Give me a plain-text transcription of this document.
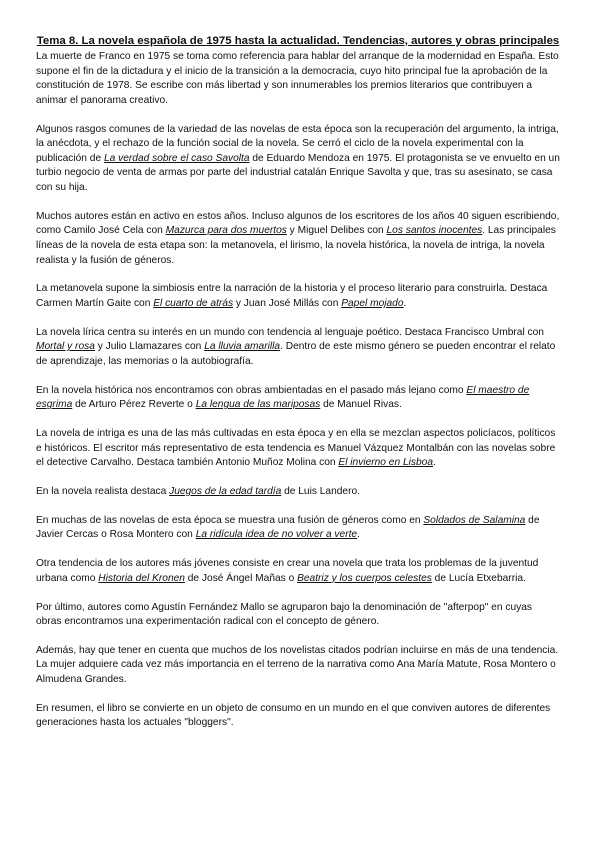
Tema 8. La novela española de 1975 hasta la actualidad. Tendencias, autores y obras principales

La muerte de Franco en 1975 se toma como referencia para hablar del arranque de la modernidad en España. Esto supone el fin de la dictadura y el inicio de la transición a la democracia, cuyo hito principal fue la aprobación de la constitución de 1978. Se escribe con más libertad y son innumerables los premios literarios que contribuyen a animar el panorama creativo.

Algunos rasgos comunes de la variedad de las novelas de esta época son la recuperación del argumento, la intriga, la anécdota, y el rechazo de la función social de la novela. Se cerró el ciclo de la novela experimental con la publicación de La verdad sobre el caso Savolta de Eduardo Mendoza en 1975. El protagonista se ve envuelto en un turbio negocio de venta de armas por parte del industrial catalán Enrique Savolta y que, tras su asesinato, se casa con su hija.

Muchos autores están en activo en estos años. Incluso algunos de los escritores de los años 40 siguen escribiendo, como Camilo José Cela con Mazurca para dos muertos y Miguel Delibes con Los santos inocentes. Las principales líneas de la novela de esta etapa son: la metanovela, el lirismo, la novela histórica, la novela de intriga, la novela realista y la fusión de géneros.

La metanovela supone la simbiosis entre la narración de la historia y el proceso literario para construirla. Destaca Carmen Martín Gaite con El cuarto de atrás y Juan José Millás con Papel mojado.

La novela lírica centra su interés en un mundo con tendencia al lenguaje poético. Destaca Francisco Umbral con Mortal y rosa y Julio Llamazares con La lluvia amarilla. Dentro de este mismo género se pueden encontrar el relato de aprendizaje, las memorias o la autobiografía.

En la novela histórica nos encontramos con obras ambientadas en el pasado más lejano como El maestro de esgrima de Arturo Pérez Reverte o La lengua de las mariposas de Manuel Rivas.

La novela de intriga es una de las más cultivadas en esta época y en ella se mezclan aspectos policíacos, políticos e históricos. El escritor más representativo de esta tendencia es Manuel Vázquez Montalbán con las novelas sobre el detective Carvalho. Destaca también Antonio Muñoz Molina con El invierno en Lisboa.

En la novela realista destaca Juegos de la edad tardía de Luis Landero.

En muchas de las novelas de esta época se muestra una fusión de géneros como en Soldados de Salamina de Javier Cercas o Rosa Montero con La ridícula idea de no volver a verte.

Otra tendencia de los autores más jóvenes consiste en crear una novela que trata los problemas de la juventud urbana como Historia del Kronen de José Ángel Mañas o Beatriz y los cuerpos celestes de Lucía Etxebarria.

Por último, autores como Agustín Fernández Mallo se agruparon bajo la denominación de "afterpop" en cuyas obras encontramos una experimentación radical con el concepto de género.

Además, hay que tener en cuenta que muchos de los novelistas citados podrían incluirse en más de una tendencia. La mujer adquiere cada vez más importancia en el terreno de la narrativa como Ana María Matute, Rosa Montero o Almudena Grandes.

En resumen, el libro se convierte en un objeto de consumo en un mundo en el que conviven autores de diferentes generaciones hasta los actuales "bloggers".
